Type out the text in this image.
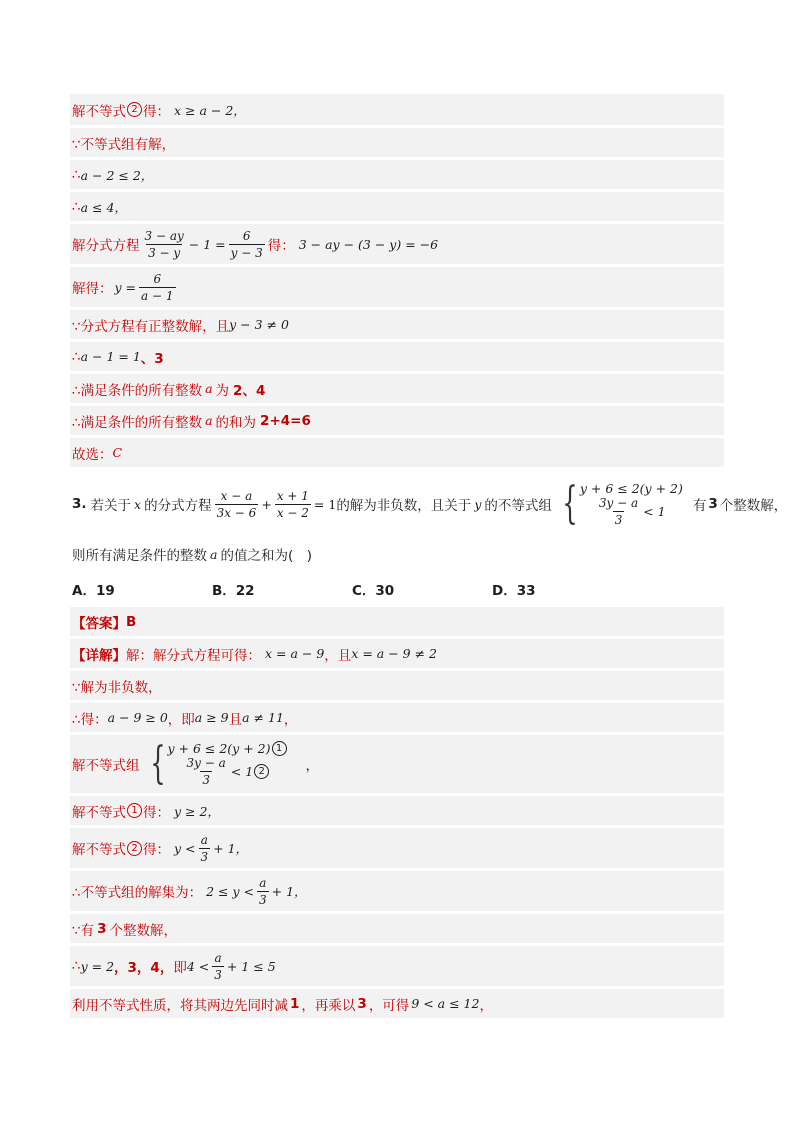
解不等式 2 得： x ≥ a − 2，
∵不等式组有解，
∴ a − 2 ≤ 2，
∴ a ≤ 4，
解分式方程 $\frac{3 - ay}{3 - y} - 1 = \frac{6}{y - 3}$ 得： 3 − ay − (3 − y) = −6
解得： $y = \frac{6}{a - 1}$
∵分式方程有正整数解，且 y − 3 ≠ 0
∴ a − 1 = 1 、3
∴满足条件的所有整数 a 为 2、4
∴满足条件的所有整数 a 的和为 2+4=6
故选： C
3. 若关于 x 的分式方程 $\frac{x - a}{3x - 6} + \frac{x + 1}{x - 2} = 1$ 的解为非负数，且关于 y 的不等式组 { y + 6 ≤ 2(y + 2)
$\frac{3y - a}{3} < 1$ 有 3 个整数解，
则所有满足条件的整数 a 的值之和为(　)
A．19	B．22	C．30	D．33
【答案】 B
【详解】 解：解分式方程可得： x = a − 9 ，且 x = a − 9 ≠ 2
∵解为非负数，
∴得： a − 9 ≥ 0 ，即 a ≥ 9 且 a ≠ 11 ，
解不等式组 { y + 6 ≤ 2(y + 2) 1
$\frac{3y - a}{3} < 1$ 2	，
解不等式 1 得： y ≥ 2，
解不等式 2 得： $y < \frac{a}{3} + 1$，
∴不等式组的解集为： $2 \le y < \frac{a}{3} + 1$，
∵有 3 个整数解，
∴ y = 2 ，3，4， 即 $4 < \frac{a}{3} + 1 \le 5$
利用不等式性质，将其两边先同时减 1 ，再乘以 3 ，可得 9 < a ≤ 12 ，
